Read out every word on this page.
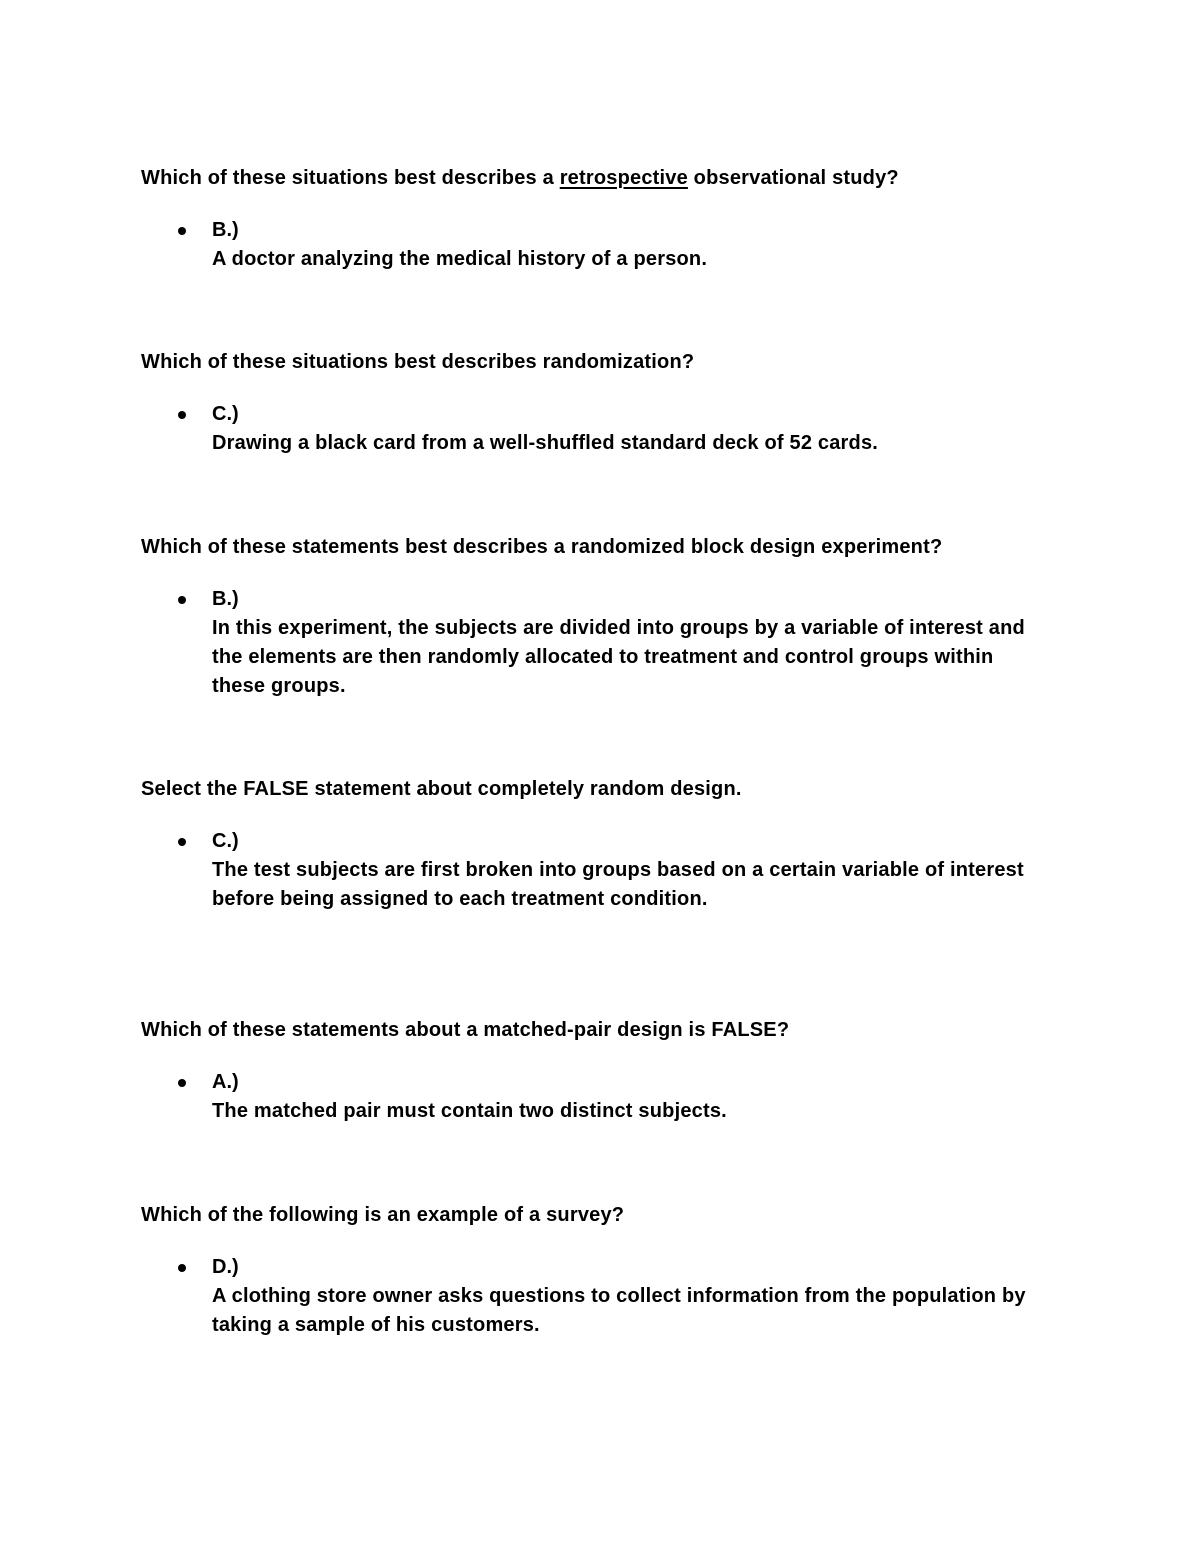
Which of these situations best describes a retrospective observational study?

B.)
A doctor analyzing the medical history of a person.

Which of these situations best describes randomization?

C.)
Drawing a black card from a well-shuffled standard deck of 52 cards.

Which of these statements best describes a randomized block design experiment?

B.)
In this experiment, the subjects are divided into groups by a variable of interest and the elements are then randomly allocated to treatment and control groups within these groups.

Select the FALSE statement about completely random design.

C.)
The test subjects are first broken into groups based on a certain variable of interest before being assigned to each treatment condition.

Which of these statements about a matched-pair design is FALSE?

A.)
The matched pair must contain two distinct subjects.

Which of the following is an example of a survey?

D.)
A clothing store owner asks questions to collect information from the population by taking a sample of his customers.
